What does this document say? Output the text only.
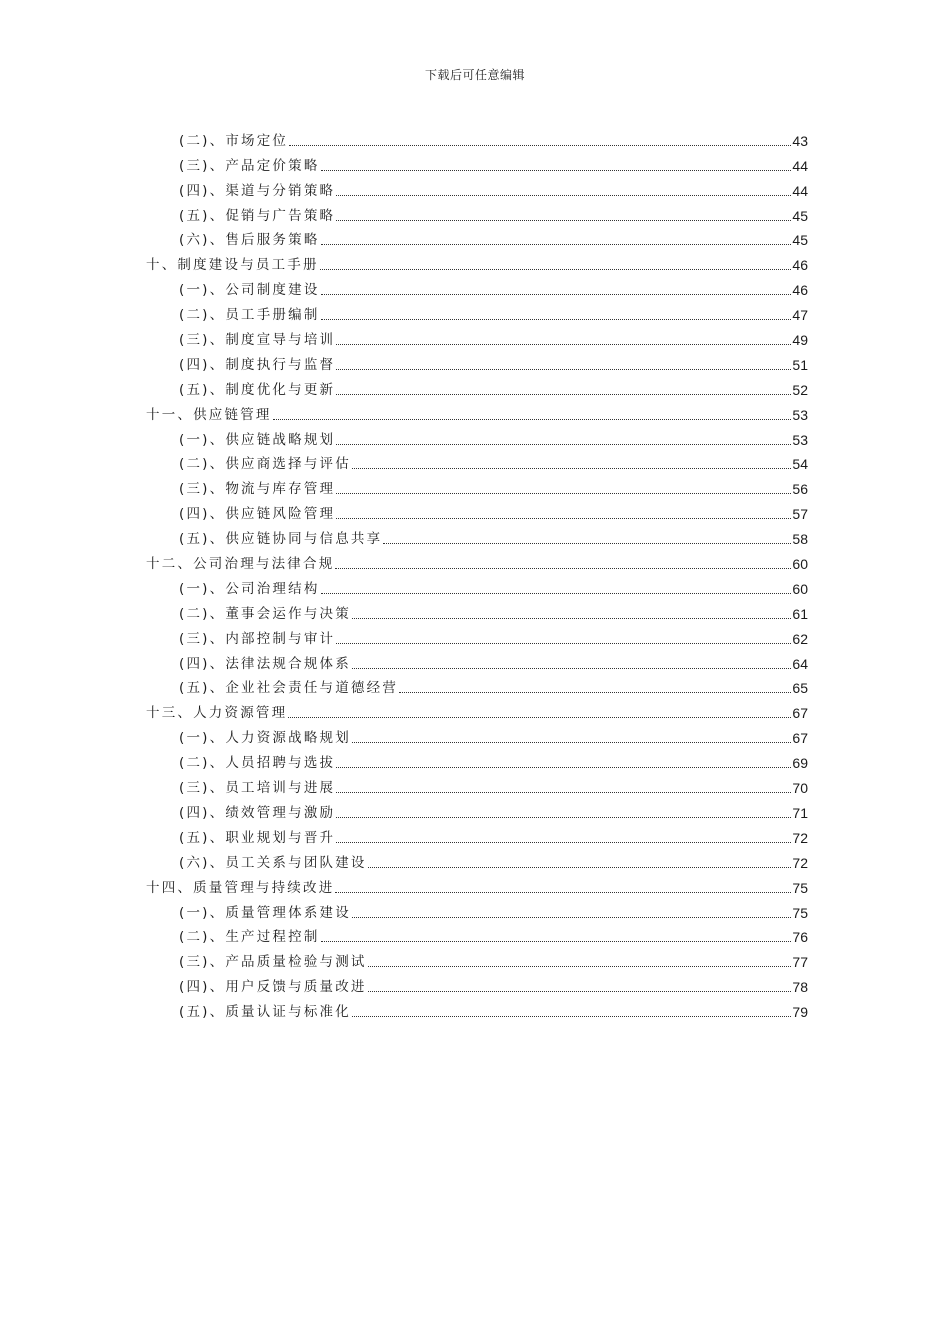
下载后可任意编辑
(二)、市场定位	43
(三)、产品定价策略	44
(四)、渠道与分销策略	44
(五)、促销与广告策略	45
(六)、售后服务策略	45
十、制度建设与员工手册	46
(一)、公司制度建设	46
(二)、员工手册编制	47
(三)、制度宣导与培训	49
(四)、制度执行与监督	51
(五)、制度优化与更新	52
十一、供应链管理	53
(一)、供应链战略规划	53
(二)、供应商选择与评估	54
(三)、物流与库存管理	56
(四)、供应链风险管理	57
(五)、供应链协同与信息共享	58
十二、公司治理与法律合规	60
(一)、公司治理结构	60
(二)、董事会运作与决策	61
(三)、内部控制与审计	62
(四)、法律法规合规体系	64
(五)、企业社会责任与道德经营	65
十三、人力资源管理	67
(一)、人力资源战略规划	67
(二)、人员招聘与选拔	69
(三)、员工培训与进展	70
(四)、绩效管理与激励	71
(五)、职业规划与晋升	72
(六)、员工关系与团队建设	72
十四、质量管理与持续改进	75
(一)、质量管理体系建设	75
(二)、生产过程控制	76
(三)、产品质量检验与测试	77
(四)、用户反馈与质量改进	78
(五)、质量认证与标准化	79
